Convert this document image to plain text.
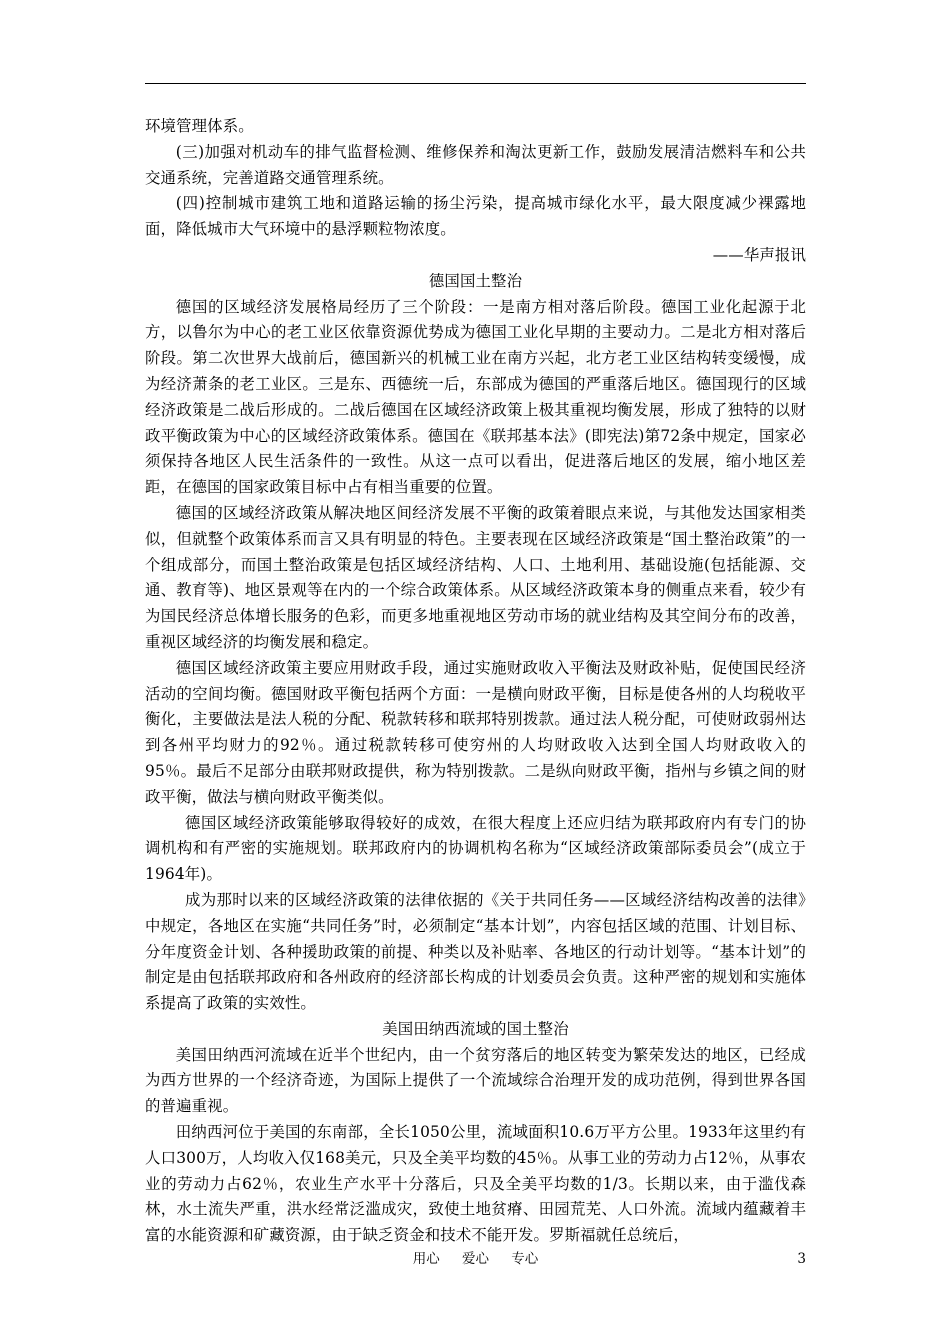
环境管理体系。

(三)加强对机动车的排气监督检测、维修保养和淘汰更新工作，鼓励发展清洁燃料车和公共交通系统，完善道路交通管理系统。

(四)控制城市建筑工地和道路运输的扬尘污染，提高城市绿化水平，最大限度减少裸露地面，降低城市大气环境中的悬浮颗粒物浓度。

——华声报讯

德国国土整治

德国的区域经济发展格局经历了三个阶段：一是南方相对落后阶段。德国工业化起源于北方，以鲁尔为中心的老工业区依靠资源优势成为德国工业化早期的主要动力。二是北方相对落后阶段。第二次世界大战前后，德国新兴的机械工业在南方兴起，北方老工业区结构转变缓慢，成为经济萧条的老工业区。三是东、西德统一后，东部成为德国的严重落后地区。德国现行的区域经济政策是二战后形成的。二战后德国在区域经济政策上极其重视均衡发展，形成了独特的以财政平衡政策为中心的区域经济政策体系。德国在《联邦基本法》(即宪法)第72条中规定，国家必须保持各地区人民生活条件的一致性。从这一点可以看出，促进落后地区的发展，缩小地区差距，在德国的国家政策目标中占有相当重要的位置。

德国的区域经济政策从解决地区间经济发展不平衡的政策着眼点来说，与其他发达国家相类似，但就整个政策体系而言又具有明显的特色。主要表现在区域经济政策是“国土整治政策”的一个组成部分，而国土整治政策是包括区域经济结构、人口、土地利用、基础设施(包括能源、交通、教育等)、地区景观等在内的一个综合政策体系。从区域经济政策本身的侧重点来看，较少有为国民经济总体增长服务的色彩，而更多地重视地区劳动市场的就业结构及其空间分布的改善，重视区域经济的均衡发展和稳定。

德国区域经济政策主要应用财政手段，通过实施财政收入平衡法及财政补贴，促使国民经济活动的空间均衡。德国财政平衡包括两个方面：一是横向财政平衡，目标是使各州的人均税收平衡化，主要做法是法人税的分配、税款转移和联邦特别拨款。通过法人税分配，可使财政弱州达到各州平均财力的92％。通过税款转移可使穷州的人均财政收入达到全国人均财政收入的95％。最后不足部分由联邦财政提供，称为特别拨款。二是纵向财政平衡，指州与乡镇之间的财政平衡，做法与横向财政平衡类似。

德国区域经济政策能够取得较好的成效，在很大程度上还应归结为联邦政府内有专门的协调机构和有严密的实施规划。联邦政府内的协调机构名称为“区域经济政策部际委员会”(成立于1964年)。

成为那时以来的区域经济政策的法律依据的《关于共同任务——区域经济结构改善的法律》中规定，各地区在实施“共同任务”时，必须制定“基本计划”，内容包括区域的范围、计划目标、分年度资金计划、各种援助政策的前提、种类以及补贴率、各地区的行动计划等。“基本计划”的制定是由包括联邦政府和各州政府的经济部长构成的计划委员会负责。这种严密的规划和实施体系提高了政策的实效性。

美国田纳西流域的国土整治

美国田纳西河流域在近半个世纪内，由一个贫穷落后的地区转变为繁荣发达的地区，已经成为西方世界的一个经济奇迹，为国际上提供了一个流域综合治理开发的成功范例，得到世界各国的普遍重视。

田纳西河位于美国的东南部，全长1050公里，流域面积10.6万平方公里。1933年这里约有人口300万，人均收入仅168美元，只及全美平均数的45％。从事工业的劳动力占12％，从事农业的劳动力占62％，农业生产水平十分落后，只及全美平均数的1/3。长期以来，由于滥伐森林，水土流失严重，洪水经常泛滥成灾，致使土地贫瘠、田园荒芜、人口外流。流域内蕴藏着丰富的水能资源和矿藏资源，由于缺乏资金和技术不能开发。罗斯福就任总统后，

用心 爱心 专心	3
